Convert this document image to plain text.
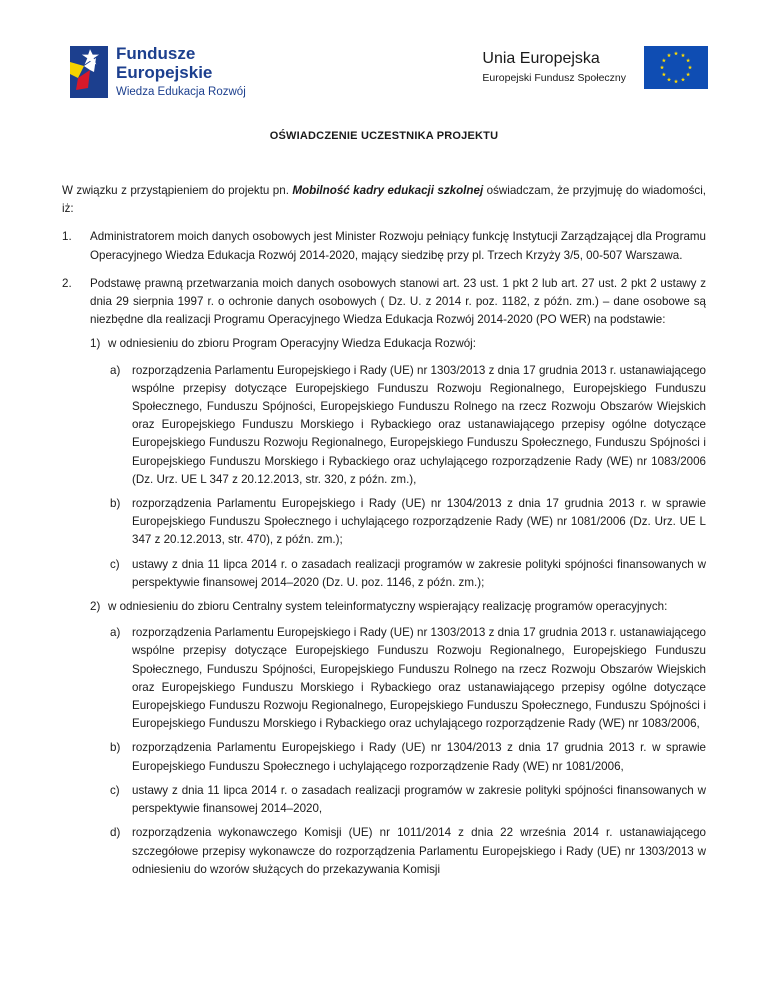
Fundusze
Europejskie
Wiedza Edukacja Rozwój
Unia Europejska
Europejski Fundusz Społeczny
OŚWIADCZENIE UCZESTNIKA PROJEKTU

W związku z przystąpieniem do projektu pn. Mobilność kadry edukacji szkolnej oświadczam, że przyjmuję do wiadomości, iż:

1.	Administratorem moich danych osobowych jest Minister Rozwoju pełniący funkcję Instytucji Zarządzającej dla Programu Operacyjnego Wiedza Edukacja Rozwój 2014-2020, mający siedzibę przy pl. Trzech Krzyży 3/5, 00-507 Warszawa.
2.	Podstawę prawną przetwarzania moich danych osobowych stanowi art. 23 ust. 1 pkt 2 lub art. 27 ust. 2 pkt 2 ustawy z dnia 29 sierpnia 1997 r. o ochronie danych osobowych ( Dz. U. z 2014 r. poz. 1182, z późn. zm.) – dane osobowe są niezbędne dla realizacji Programu Operacyjnego Wiedza Edukacja Rozwój 2014-2020 (PO WER) na podstawie:
1) w odniesieniu do zbioru Program Operacyjny Wiedza Edukacja Rozwój:
a)	rozporządzenia Parlamentu Europejskiego i Rady (UE) nr 1303/2013 z dnia 17 grudnia 2013 r. ustanawiającego wspólne przepisy dotyczące Europejskiego Funduszu Rozwoju Regionalnego, Europejskiego Funduszu Społecznego, Funduszu Spójności, Europejskiego Funduszu Rolnego na rzecz Rozwoju Obszarów Wiejskich oraz Europejskiego Funduszu Morskiego i Rybackiego oraz ustanawiającego przepisy ogólne dotyczące Europejskiego Funduszu Rozwoju Regionalnego, Europejskiego Funduszu Społecznego, Funduszu Spójności i Europejskiego Funduszu Morskiego i Rybackiego oraz uchylającego rozporządzenie Rady (WE) nr 1083/2006 (Dz. Urz. UE L 347 z 20.12.2013, str. 320, z późn. zm.),
b)	rozporządzenia Parlamentu Europejskiego i Rady (UE) nr 1304/2013 z dnia 17 grudnia 2013 r. w sprawie Europejskiego Funduszu Społecznego i uchylającego rozporządzenie Rady (WE) nr 1081/2006 (Dz. Urz. UE L 347 z 20.12.2013, str. 470), z późn. zm.);
c)	ustawy z dnia 11 lipca 2014 r. o zasadach realizacji programów w zakresie polityki spójności finansowanych w perspektywie finansowej 2014–2020 (Dz. U. poz. 1146, z późn. zm.);
2) w odniesieniu do zbioru Centralny system teleinformatyczny wspierający realizację programów operacyjnych:
a)	rozporządzenia Parlamentu Europejskiego i Rady (UE) nr 1303/2013 z dnia 17 grudnia 2013 r. ustanawiającego wspólne przepisy dotyczące Europejskiego Funduszu Rozwoju Regionalnego, Europejskiego Funduszu Społecznego, Funduszu Spójności, Europejskiego Funduszu Rolnego na rzecz Rozwoju Obszarów Wiejskich oraz Europejskiego Funduszu Morskiego i Rybackiego oraz ustanawiającego przepisy ogólne dotyczące Europejskiego Funduszu Rozwoju Regionalnego, Europejskiego Funduszu Społecznego, Funduszu Spójności i Europejskiego Funduszu Morskiego i Rybackiego oraz uchylającego rozporządzenie Rady (WE) nr 1083/2006,
b)	rozporządzenia Parlamentu Europejskiego i Rady (UE) nr 1304/2013 z dnia 17 grudnia 2013 r. w sprawie Europejskiego Funduszu Społecznego i uchylającego rozporządzenie Rady (WE) nr 1081/2006,
c)	ustawy z dnia 11 lipca 2014 r. o zasadach realizacji programów w zakresie polityki spójności finansowanych w perspektywie finansowej 2014–2020,
d)	rozporządzenia wykonawczego Komisji (UE) nr 1011/2014 z dnia 22 września 2014 r. ustanawiającego szczegółowe przepisy wykonawcze do rozporządzenia Parlamentu Europejskiego i Rady (UE) nr 1303/2013 w odniesieniu do wzorów służących do przekazywania Komisji
